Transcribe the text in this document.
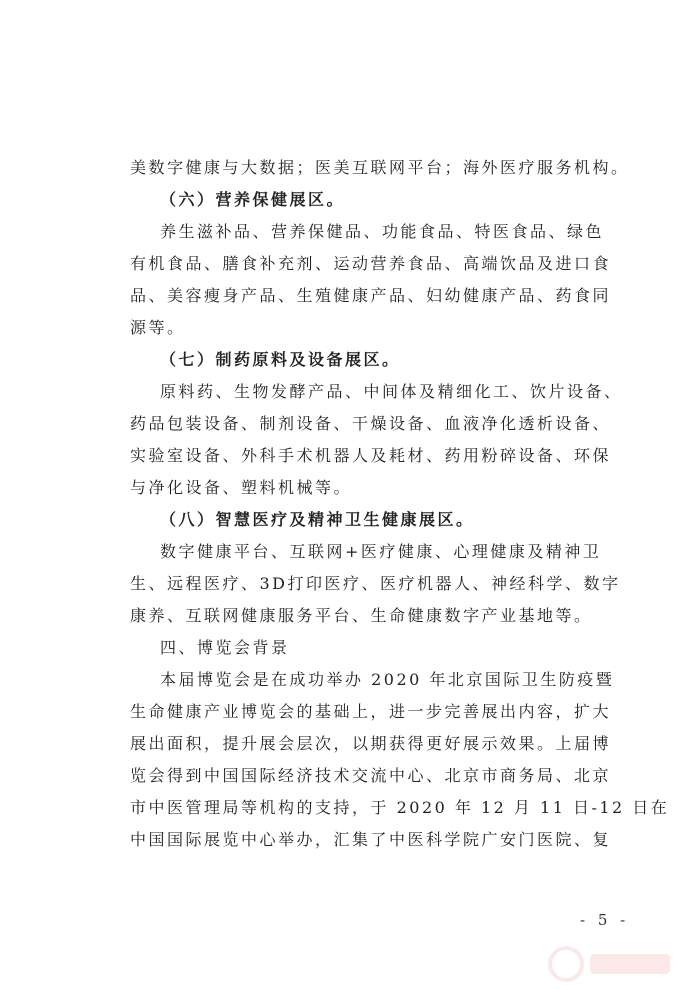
美数字健康与大数据；医美互联网平台；海外医疗服务机构。
（六）营养保健展区。
养生滋补品、营养保健品、功能食品、特医食品、绿色
有机食品、膳食补充剂、运动营养食品、高端饮品及进口食
品、美容瘦身产品、生殖健康产品、妇幼健康产品、药食同
源等。
（七）制药原料及设备展区。
原料药、生物发酵产品、中间体及精细化工、饮片设备、
药品包装设备、制剂设备、干燥设备、血液净化透析设备、
实验室设备、外科手术机器人及耗材、药用粉碎设备、环保
与净化设备、塑料机械等。
（八）智慧医疗及精神卫生健康展区。
数字健康平台、互联网+医疗健康、心理健康及精神卫
生、远程医疗、3D打印医疗、医疗机器人、神经科学、数字
康养、互联网健康服务平台、生命健康数字产业基地等。
四、博览会背景
本届博览会是在成功举办 2020 年北京国际卫生防疫暨
生命健康产业博览会的基础上，进一步完善展出内容，扩大
展出面积，提升展会层次，以期获得更好展示效果。上届博
览会得到中国国际经济技术交流中心、北京市商务局、北京
市中医管理局等机构的支持，于 2020 年 12 月 11 日-12 日在
中国国际展览中心举办，汇集了中医科学院广安门医院、复
- 5 -
